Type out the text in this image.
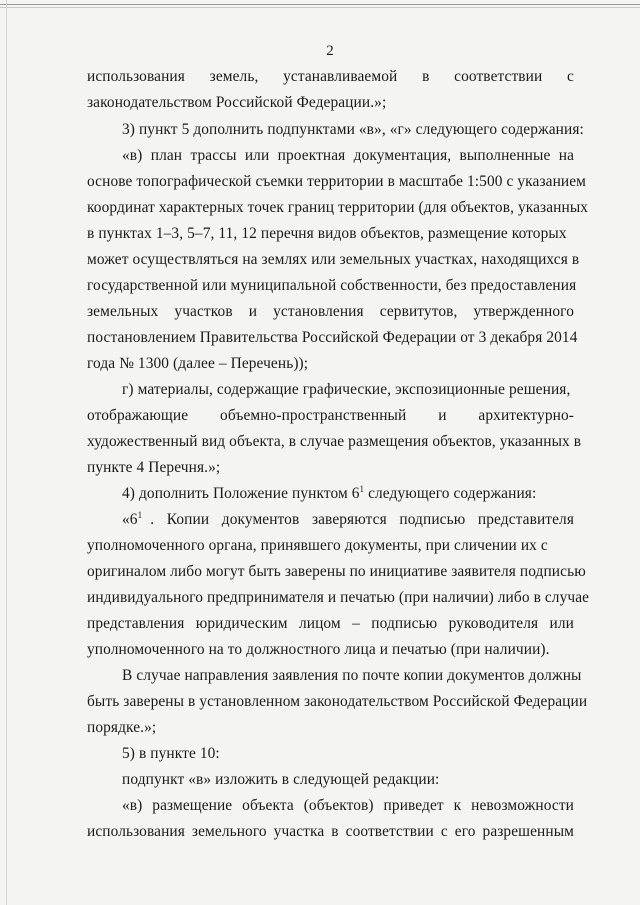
2
использования земель, устанавливаемой в соответствии с
законодательством Российской Федерации.»;
3) пункт 5 дополнить подпунктами «в», «г» следующего содержания:
«в) план трассы или проектная документация, выполненные на
основе топографической съемки территории в масштабе 1:500 с указанием
координат характерных точек границ территории (для объектов, указанных
в пунктах 1–3, 5–7, 11, 12 перечня видов объектов, размещение которых
может осуществляться на землях или земельных участках, находящихся в
государственной или муниципальной собственности, без предоставления
земельных участков и установления сервитутов, утвержденного
постановлением Правительства Российской Федерации от 3 декабря 2014
года № 1300 (далее – Перечень));
г) материалы, содержащие графические, экспозиционные решения,
отображающие объемно-пространственный и архитектурно-
художественный вид объекта, в случае размещения объектов, указанных в
пункте 4 Перечня.»;
4) дополнить Положение пунктом $6^1$ следующего содержания:
«$6^1$ . Копии документов заверяются подписью представителя
уполномоченного органа, принявшего документы, при сличении их с
оригиналом либо могут быть заверены по инициативе заявителя подписью
индивидуального предпринимателя и печатью (при наличии) либо в случае
представления юридическим лицом – подписью руководителя или
уполномоченного на то должностного лица и печатью (при наличии).
В случае направления заявления по почте копии документов должны
быть заверены в установленном законодательством Российской Федерации
порядке.»;
5) в пункте 10:
подпункт «в» изложить в следующей редакции:
«в) размещение объекта (объектов) приведет к невозможности
использования земельного участка в соответствии с его разрешенным
